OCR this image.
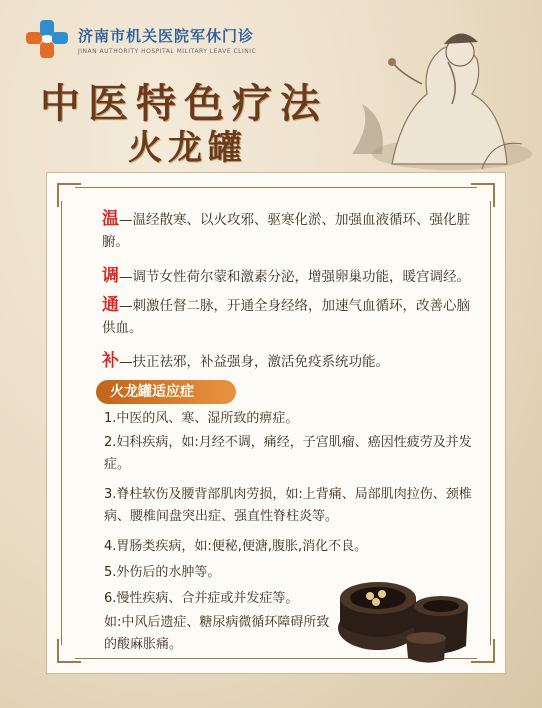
济南市机关医院军休门诊
JINAN AUTHORITY HOSPITAL MILITARY LEAVE CLINIC
中医特色疗法
火龙罐
温—温经散寒、以火攻邪、驱寒化淤、加强血液循环、强化脏腑。
调—调节女性荷尔蒙和激素分泌，增强卵巢功能，暖宫调经。
通—刺激任督二脉，开通全身经络，加速气血循环，改善心脑供血。
补—扶正祛邪，补益强身，激活免疫系统功能。
火龙罐适应症
1.中医的风、寒、湿所致的痹症。
2.妇科疾病，如:月经不调，痛经，子宫肌瘤、癌因性疲劳及并发症。
3.脊柱软伤及腰背部肌肉劳损，如:上背痛、局部肌肉拉伤、颈椎病、腰椎间盘突出症、强直性脊柱炎等。
4.胃肠类疾病，如:便秘,便溏,腹胀,消化不良。
5.外伤后的水肿等。
6.慢性疾病、合并症或并发症等。
如:中风后遗症、糖尿病微循环障碍所致的酸麻胀痛。
